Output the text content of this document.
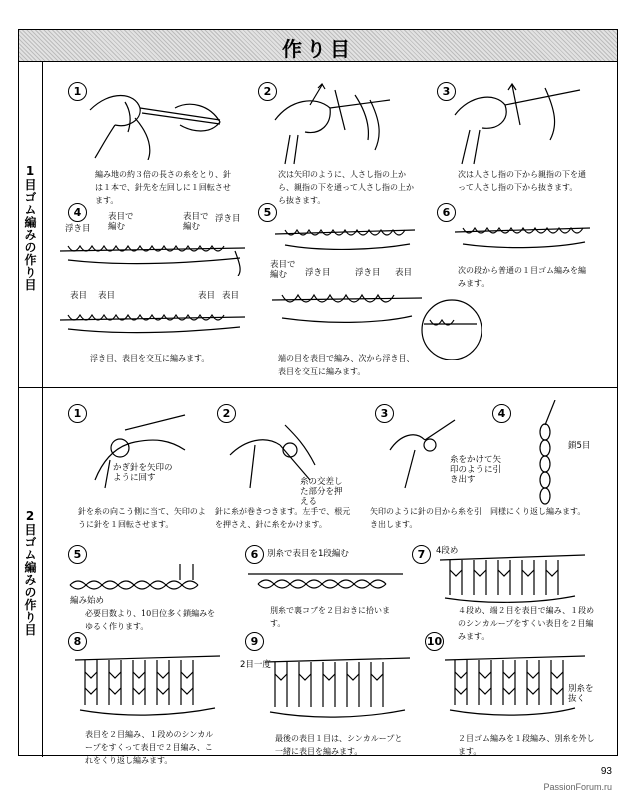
作り目
1目ゴム編みの作り目
2目ゴム編みの作り目
1
編み地の約３倍の長さの糸をとり、針は１本で、針先を左回しに１回転させます。
2
次は矢印のように、人さし指の上から、親指の下を通って人さし指の上から抜きます。
3
次は人さし指の下から親指の下を通って人さし指の下から抜きます。
4
浮き目
表目で編む
表目で編む
浮き目
表目 表目	表目 表目
浮き目、表目を交互に編みます。
5
表目で編む	浮き目	浮き目 表目
端の目を表目で編み、次から浮き目、表目を交互に編みます。
6
次の段から普通の１目ゴム編みを編みます。
1
かぎ針を矢印のように回す
針を糸の向こう側に当て、矢印のように針を１回転させます。
2
糸の交差した部分を押える
針に糸が巻きつきます。左手で、根元を押さえ、針に糸をかけます。
3
糸をかけて矢印のように引き出す
矢印のように針の目から糸を引き出します。
4
鎖5目
同様にくり返し編みます。
5
編み始め
必要目数より、10目位多く鎖編みをゆるく作ります。
6	別糸で表目を1段編む
別糸で裏コブを２目おきに拾います。
7	4段め
４段め、端２目を表目で編み、１段めのシンカループをすくい表目を２目編みます。
8
表目を２目編み、１段めのシンカループをすくって表目で２目編み、これをくり返し編みます。
9
2目一度
最後の表目１目は、シンカループと一緒に表目を編みます。
10
別糸を抜く
２目ゴム編みを１段編み、別糸を外します。
93
PassionForum.ru
